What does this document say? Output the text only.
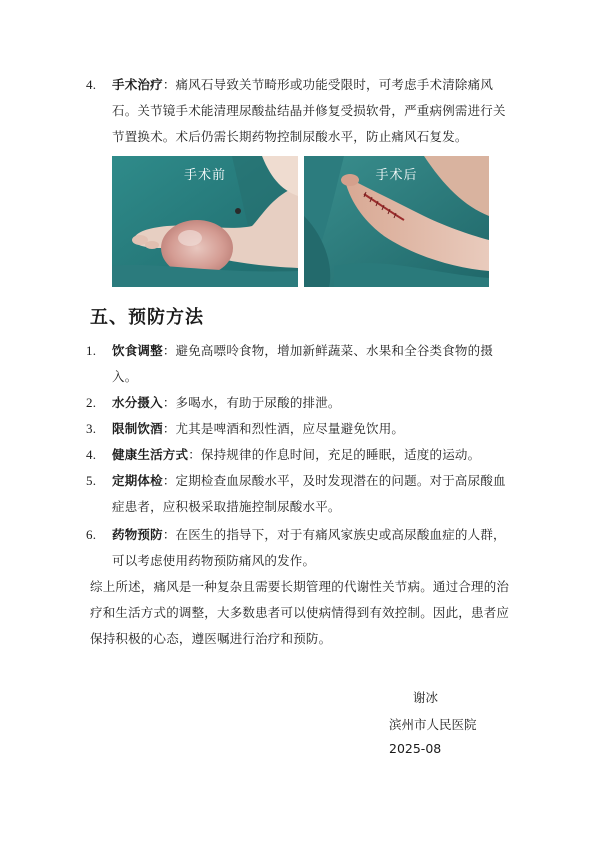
4.	手术治疗：痛风石导致关节畸形或功能受限时，可考虑手术清除痛风石。关节镜手术能清理尿酸盐结晶并修复受损软骨，严重病例需进行关节置换术。术后仍需长期药物控制尿酸水平，防止痛风石复发。
手术前	手术后
五、预防方法
1.	饮食调整：避免高嘌呤食物，增加新鲜蔬菜、水果和全谷类食物的摄入。
2.	水分摄入：多喝水，有助于尿酸的排泄。
3.	限制饮酒：尤其是啤酒和烈性酒，应尽量避免饮用。
4.	健康生活方式：保持规律的作息时间，充足的睡眠，适度的运动。
5.	定期体检：定期检查血尿酸水平，及时发现潜在的问题。对于高尿酸血症患者，应积极采取措施控制尿酸水平。
6.	药物预防：在医生的指导下，对于有痛风家族史或高尿酸血症的人群，可以考虑使用药物预防痛风的发作。
综上所述，痛风是一种复杂且需要长期管理的代谢性关节病。通过合理的治疗和生活方式的调整，大多数患者可以使病情得到有效控制。因此，患者应保持积极的心态，遵医嘱进行治疗和预防。
谢冰
滨州市人民医院
2025-08
